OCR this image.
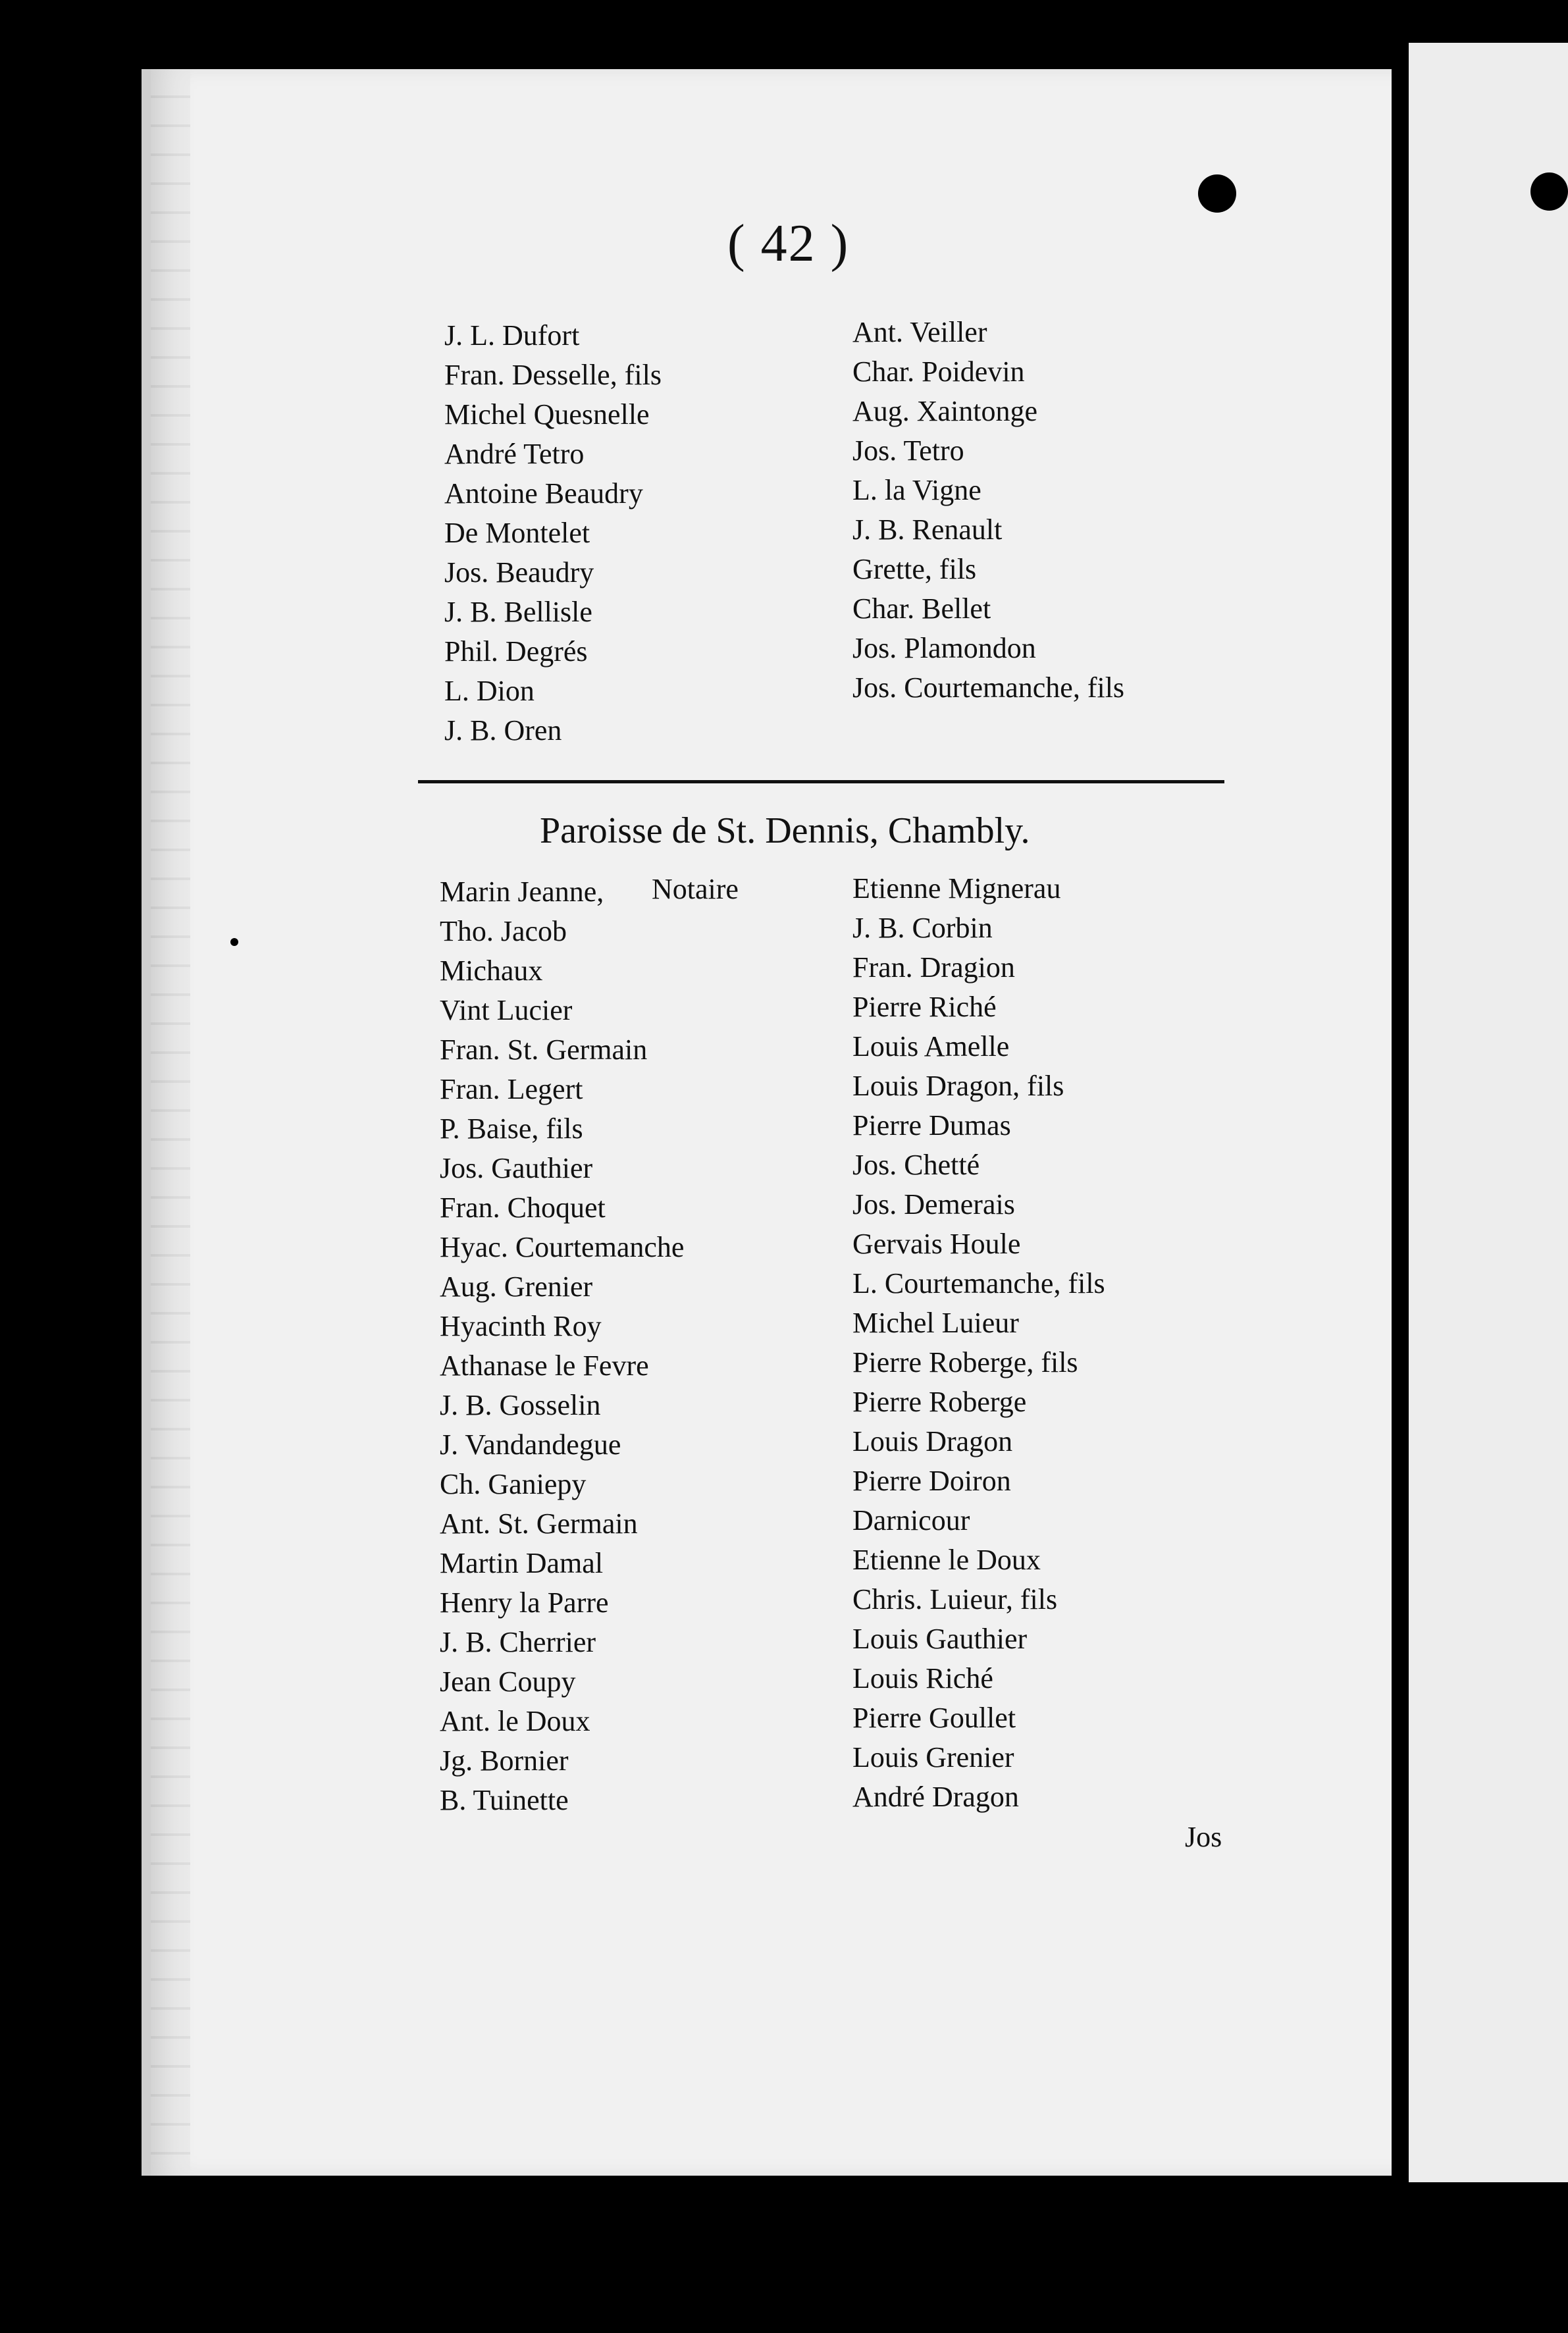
( 42 )
J. L. Dufort
Fran. Desselle, fils
Michel Quesnelle
André Tetro
Antoine Beaudry
De Montelet
Jos. Beaudry
J. B. Bellisle
Phil. Degrés
L. Dion
J. B. Oren
Ant. Veiller
Char. Poidevin
Aug. Xaintonge
Jos. Tetro
L. la Vigne
J. B. Renault
Grette, fils
Char. Bellet
Jos. Plamondon
Jos. Courtemanche, fils
Paroisse de St. Dennis, Chambly.
Notaire
Marin Jeanne,
Tho. Jacob
Michaux
Vint Lucier
Fran. St. Germain
Fran. Legert
P. Baise, fils
Jos. Gauthier
Fran. Choquet
Hyac. Courtemanche
Aug. Grenier
Hyacinth Roy
Athanase le Fevre
J. B. Gosselin
J. Vandandegue
Ch. Ganiepy
Ant. St. Germain
Martin Damal
Henry la Parre
J. B. Cherrier
Jean Coupy
Ant. le Doux
Jg. Bornier
B. Tuinette
Etienne Mignerau
J. B. Corbin
Fran. Dragion
Pierre Riché
Louis Amelle
Louis Dragon, fils
Pierre Dumas
Jos. Chetté
Jos. Demerais
Gervais Houle
L. Courtemanche, fils
Michel Luieur
Pierre Roberge, fils
Pierre Roberge
Louis Dragon
Pierre Doiron
Darnicour
Etienne le Doux
Chris. Luieur, fils
Louis Gauthier
Louis Riché
Pierre Goullet
Louis Grenier
André Dragon
Jos
